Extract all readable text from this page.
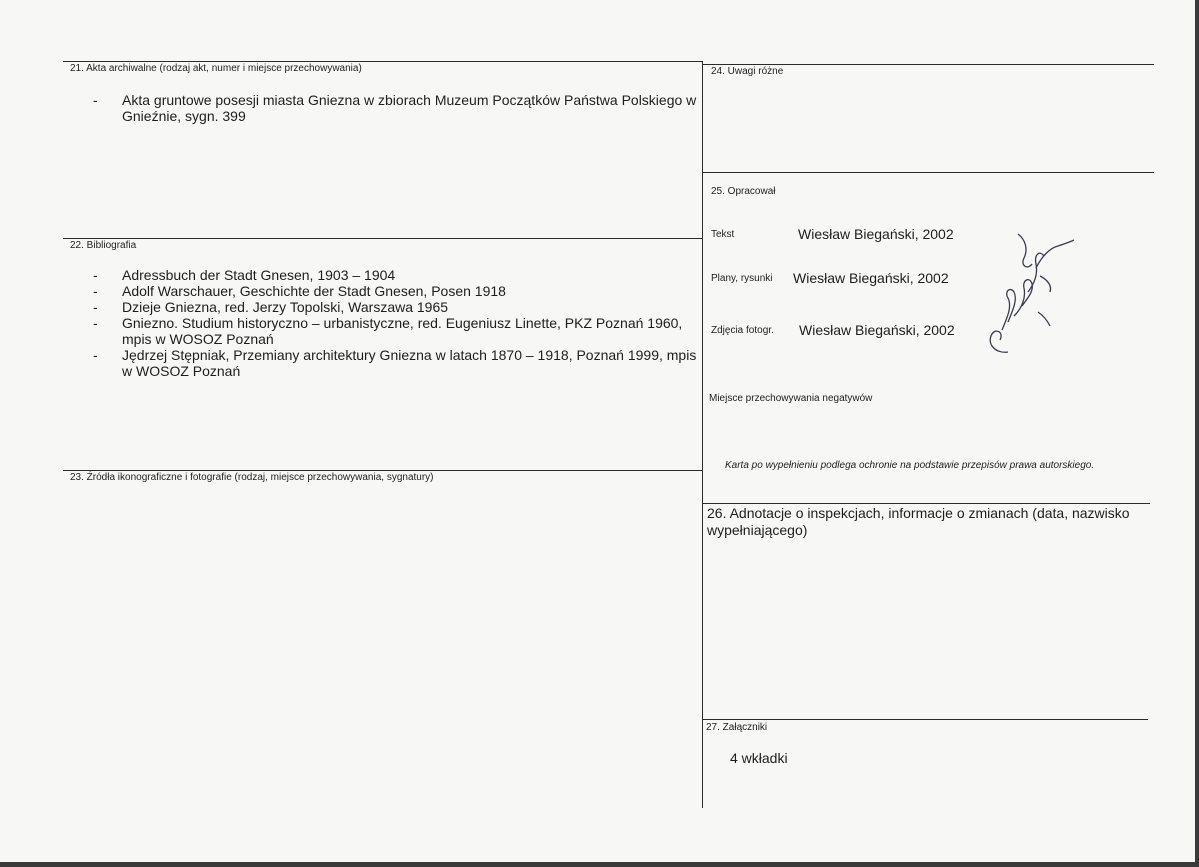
21. Akta archiwalne (rodzaj akt, numer i miejsce przechowywania)
- Akta gruntowe posesji miasta Gniezna w zbiorach Muzeum Początków Państwa Polskiego w Gnieźnie, sygn. 399
22. Bibliografia
- Adressbuch der Stadt Gnesen, 1903 – 1904
- Adolf Warschauer, Geschichte der Stadt Gnesen, Posen 1918
- Dzieje Gniezna, red. Jerzy Topolski, Warszawa 1965
- Gniezno. Studium historyczno – urbanistyczne, red. Eugeniusz Linette, PKZ Poznań 1960, mpis w WOSOZ Poznań
- Jędrzej Stępniak, Przemiany architektury Gniezna w latach 1870 – 1918, Poznań 1999, mpis w WOSOZ Poznań
23. Źródła ikonograficzne i fotografie (rodzaj, miejsce przechowywania, sygnatury)
24. Uwagi różne
25. Opracował
Tekst	Wiesław Biegański, 2002
Plany, rysunki Wiesław Biegański, 2002
Zdjęcia fotogr. Wiesław Biegański, 2002
Miejsce przechowywania negatywów
Karta po wypełnieniu podlega ochronie na podstawie przepisów prawa autorskiego.
26. Adnotacje o inspekcjach, informacje o zmianach (data, nazwisko wypełniającego)
27. Załączniki
4 wkładki
